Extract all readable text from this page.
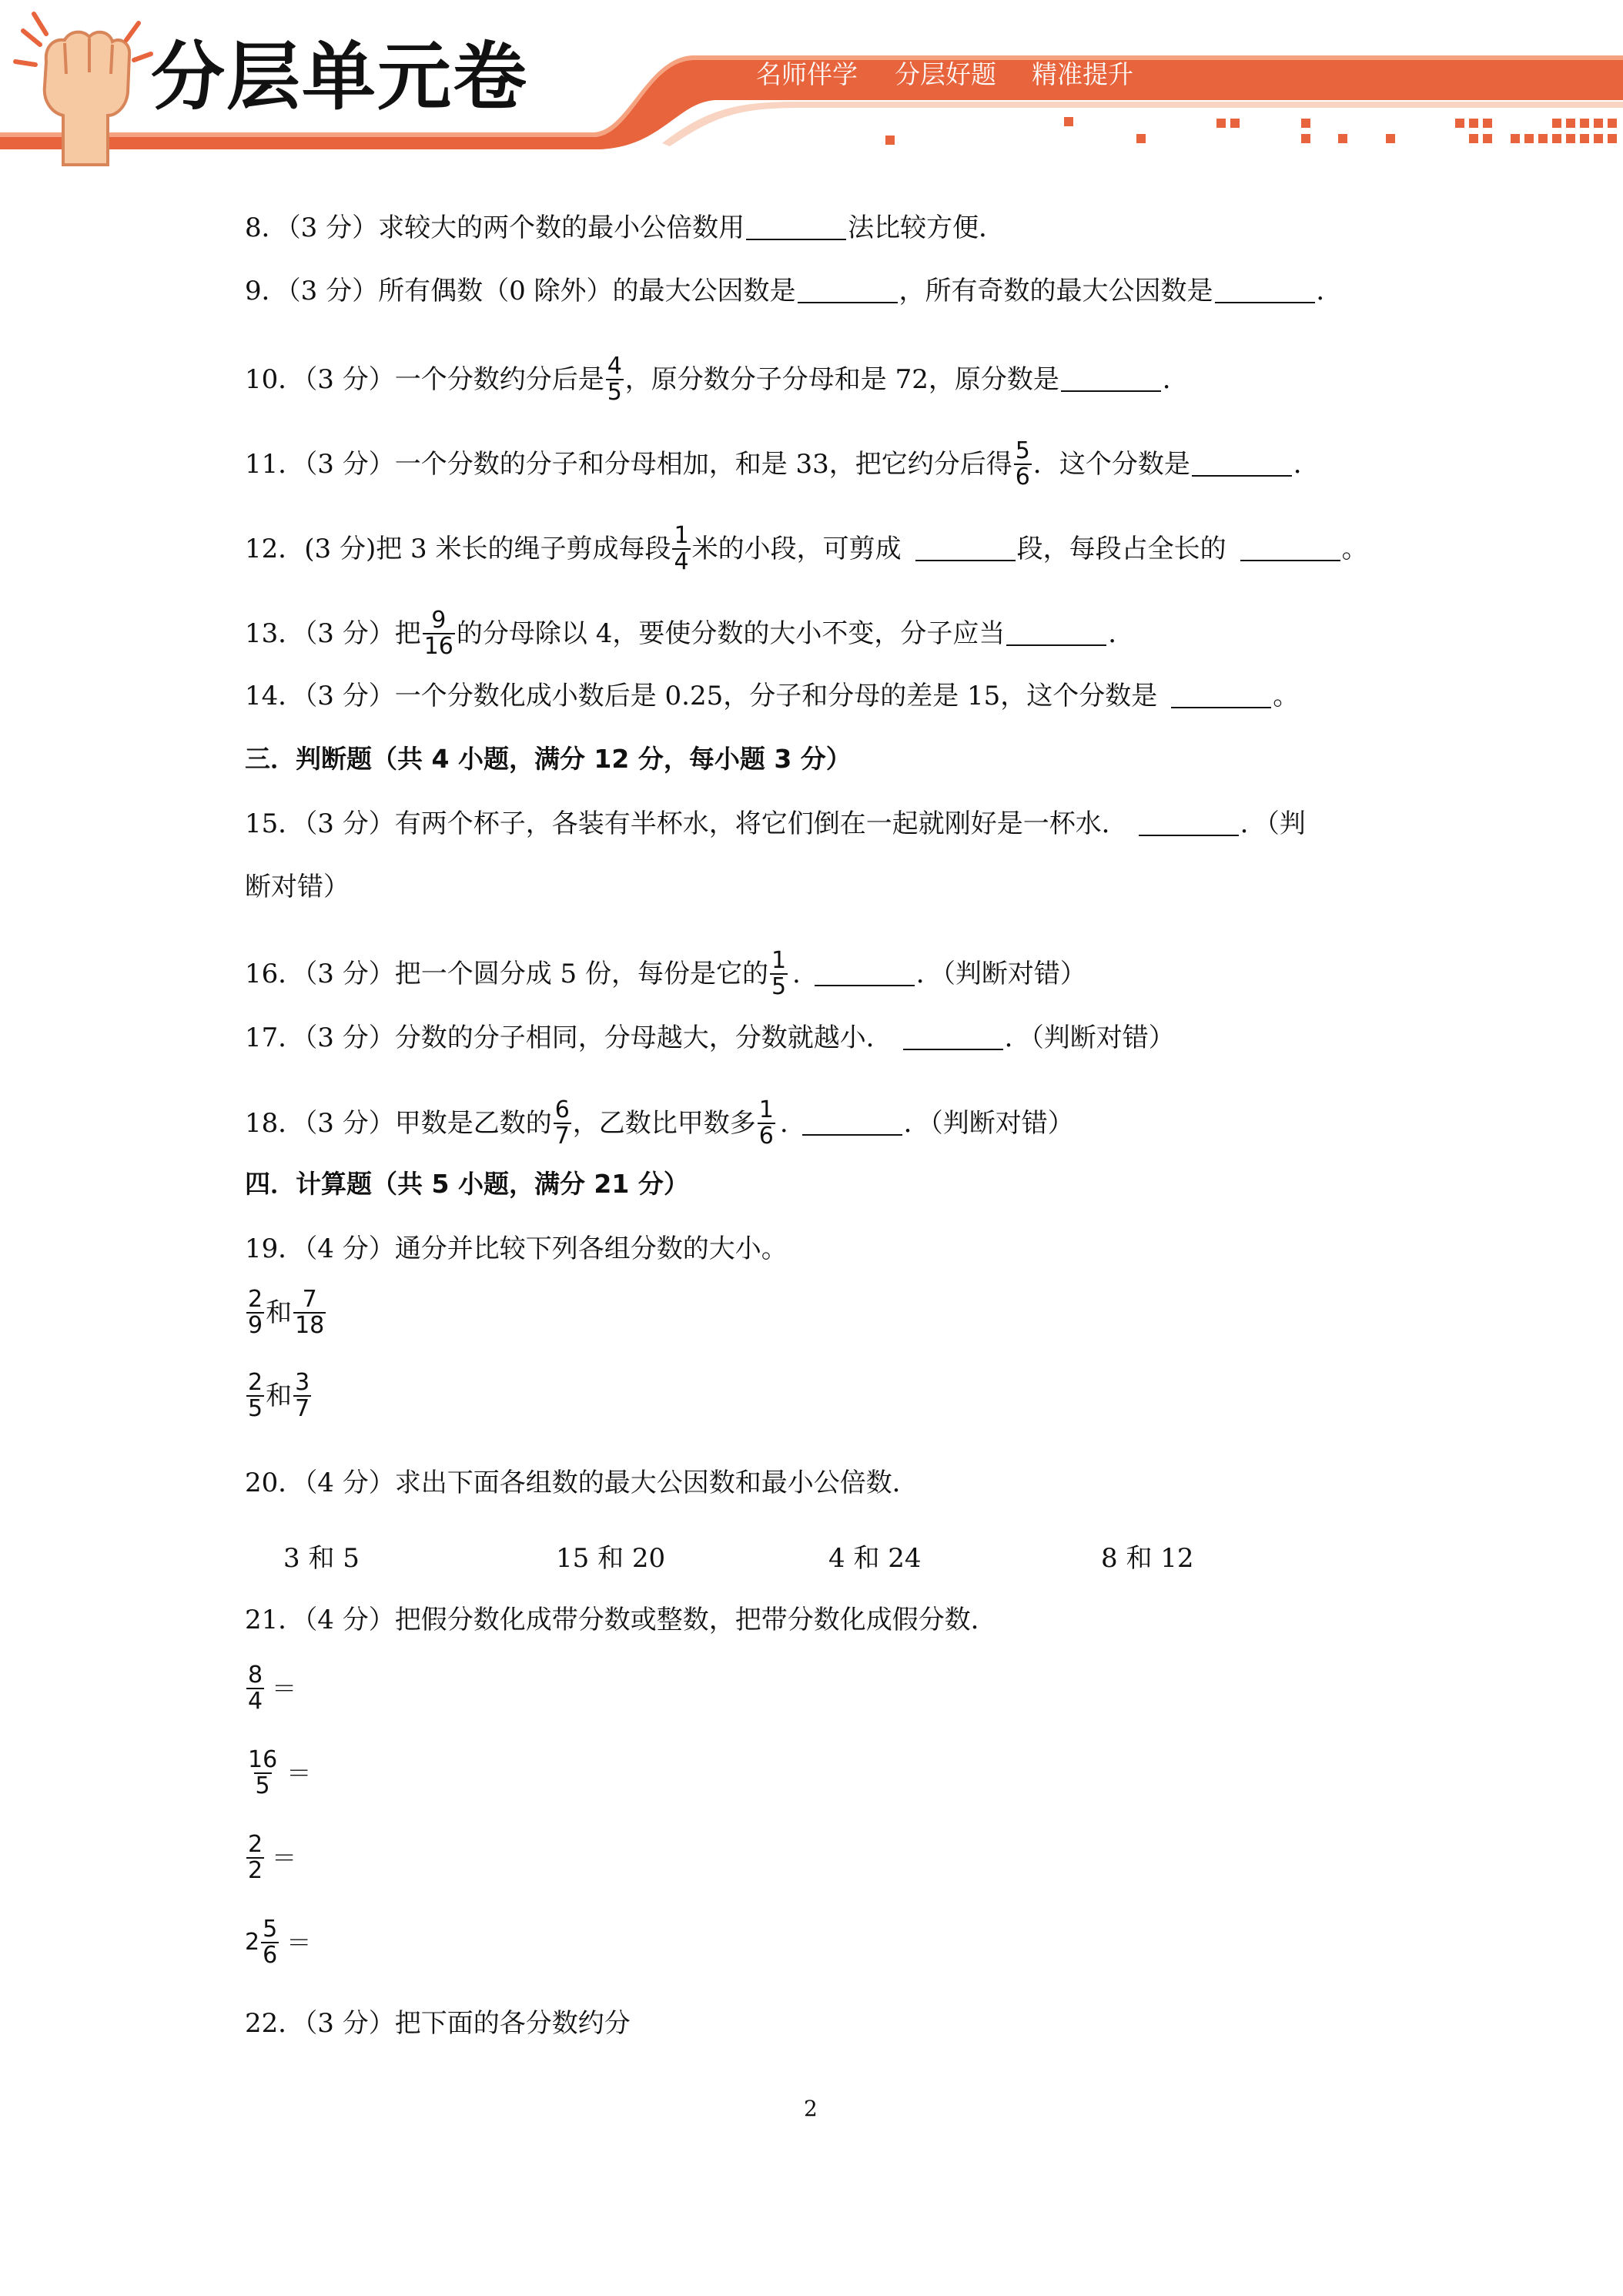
分层单元卷	名师伴学 分层好题 精准提升
8．（3 分）求较大的两个数的最小公倍数用	法比较方便．
9．（3 分）所有偶数（0 除外）的最大公因数是	，所有奇数的最大公因数是	．
10．（3 分）一个分数约分后是 $\frac{4}{5}$ ，原分数分子分母和是 72，原分数是	．
11．（3 分）一个分数的分子和分母相加，和是 33，把它约分后得 $\frac{5}{6}$ ．这个分数是	．
12．(3 分)把 3 米长的绳子剪成每段 $\frac{1}{4}$ 米的小段，可剪成	段，每段占全长的	。
13．（3 分）把 $\frac{9}{16}$ 的分母除以 4，要使分数的大小不变，分子应当	．
14．（3 分）一个分数化成小数后是 0.25，分子和分母的差是 15，这个分数是	。
三．判断题（共 4 小题，满分 12 分，每小题 3 分）
15．（3 分）有两个杯子，各装有半杯水，将它们倒在一起就刚好是一杯水．	．（判
断对错）
16．（3 分）把一个圆分成 5 份，每份是它的 $\frac{1}{5}$ .	．（判断对错）
17．（3 分）分数的分子相同，分母越大，分数就越小．	．（判断对错）
18．（3 分）甲数是乙数的 $\frac{6}{7}$ ，乙数比甲数多 $\frac{1}{6}$ .	．（判断对错）
四．计算题（共 5 小题，满分 21 分）
19．（4 分）通分并比较下列各组分数的大小。
$\frac{2}{9}$ 和 $\frac{7}{18}$
$\frac{2}{5}$ 和 $\frac{3}{7}$
20．（4 分）求出下面各组数的最大公因数和最小公倍数．
3 和 5	15 和 20	4 和 24	8 和 12
21．（4 分）把假分数化成带分数或整数，把带分数化成假分数．
$\frac{8}{4}$ ＝
$\frac{16}{5}$ ＝
$\frac{2}{2}$ ＝
$2 \frac{5}{6}$ ＝
22．（3 分）把下面的各分数约分
2
